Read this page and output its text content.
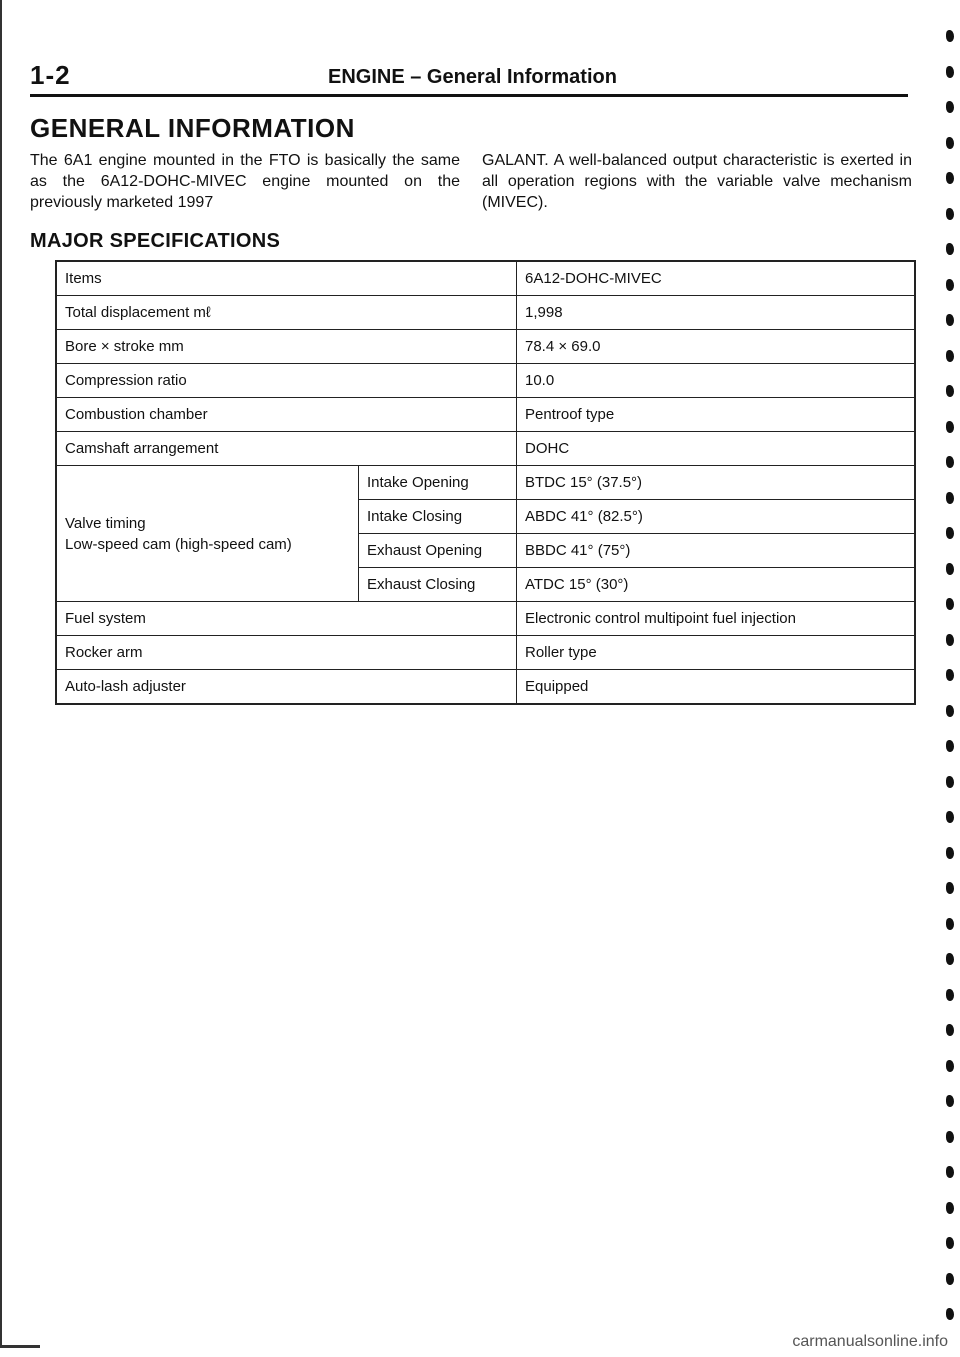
1-2	ENGINE – General Information
GENERAL INFORMATION
The 6A1 engine mounted in the FTO is basically the same as the 6A12-DOHC-MIVEC engine mounted on the previously marketed 1997
GALANT. A well-balanced output characteristic is exerted in all operation regions with the variable valve mechanism (MIVEC).
MAJOR SPECIFICATIONS
Items		6A12-DOHC-MIVEC
Total displacement mℓ		1,998
Bore × stroke mm		78.4 × 69.0
Compression ratio		10.0
Combustion chamber		Pentroof type
Camshaft arrangement		DOHC
Valve timing
Low-speed cam (high-speed cam)	Intake Opening	BTDC 15° (37.5°)
	Intake Closing	ABDC 41° (82.5°)
	Exhaust Opening	BBDC 41° (75°)
	Exhaust Closing	ATDC 15° (30°)
Fuel system		Electronic control multipoint fuel injection
Rocker arm		Roller type
Auto-lash adjuster		Equipped
carmanualsonline.info
